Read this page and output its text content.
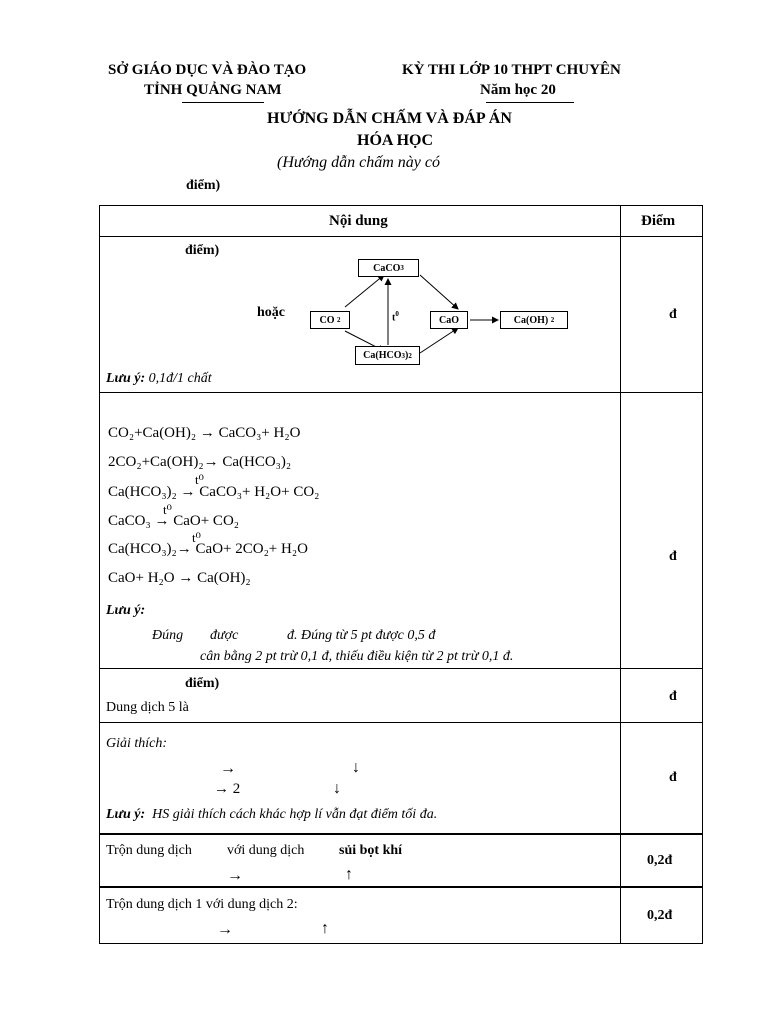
SỞ GIÁO DỤC VÀ ĐÀO TẠO
TỈNH QUẢNG NAM
KỲ THI LỚP 10 THPT CHUYÊN
Năm học 20
HƯỚNG DẪN CHẤM VÀ ĐÁP ÁN
HÓA HỌC
(Hướng dẫn chấm này có
điểm)
Nội dung	Điểm
điểm)
hoặc
Lưu ý: 0,1đ/1 chất
đ
CaCO 3
CO
2	$t^0$
CaO	Ca(OH)
2
Ca(HCO 3 ) 2
CO₂+Ca(OH)₂ → CaCO₃+ H₂O
2CO₂+Ca(OH)₂→ Ca(HCO₃)₂
t⁰
Ca(HCO₃)₂ → CaCO₃+ H₂O+ CO₂
t⁰
CaCO₃ → CaO+ CO₂
t⁰
Ca(HCO₃)₂→ CaO+ 2CO₂+ H₂O
CaO+ H₂O → Ca(OH)₂
Lưu ý:
Đúng được	đ. Đúng từ 5 pt được 0,5 đ
cân bằng 2 pt trừ 0,1 đ, thiếu điều kiện từ 2 pt trừ 0,1 đ.
đ
điểm)
Dung dịch 5 là
đ
Giải thích:
→	↓
→ 2	↓
Lưu ý: HS giải thích cách khác hợp lí vẫn đạt điểm tối đa.
đ
Trộn dung dịch	với dung dịch sủi bọt khí
→	↑
0,2đ
Trộn dung dịch 1 với dung dịch 2:
→	↑
0,2đ
